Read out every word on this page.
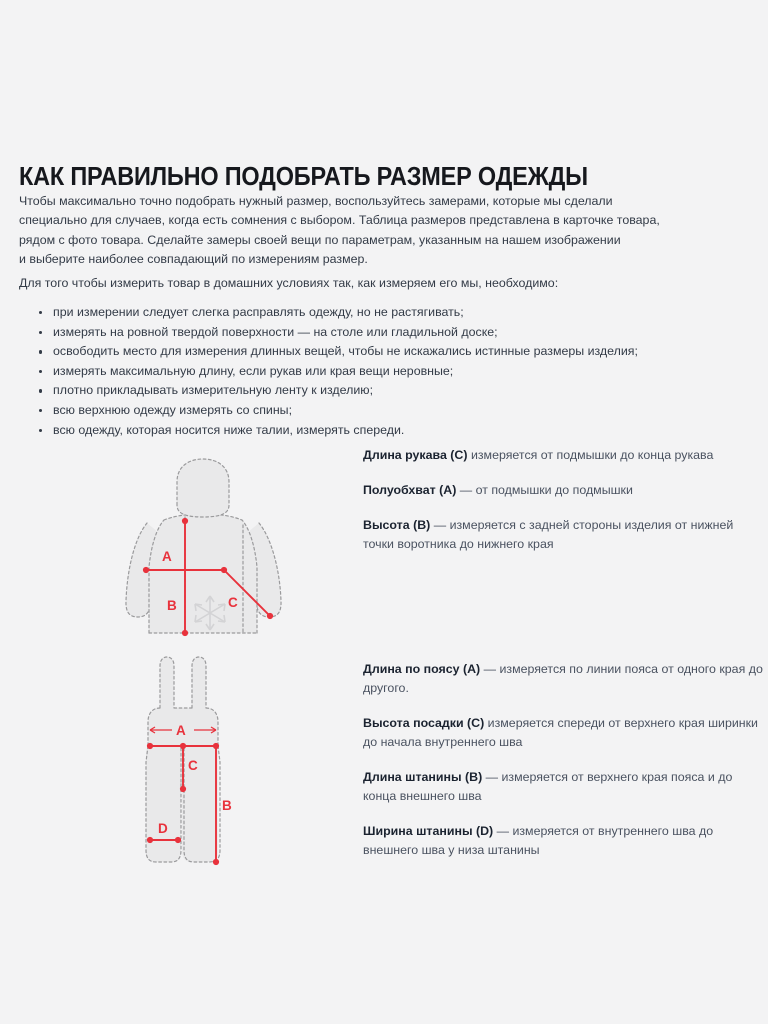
КАК ПРАВИЛЬНО ПОДОБРАТЬ РАЗМЕР ОДЕЖДЫ
Чтобы максимально точно подобрать нужный размер, воспользуйтесь замерами, которые мы сделали
специально для случаев, когда есть сомнения с выбором. Таблица размеров представлена в карточке товара,
рядом с фото товара. Сделайте замеры своей вещи по параметрам, указанным на нашем изображении
и выберите наиболее совпадающий по измерениям размер.
Для того чтобы измерить товар в домашних условиях так, как измеряем его мы, необходимо:
при измерении следует слегка расправлять одежду, но не растягивать;
измерять на ровной твердой поверхности — на столе или гладильной доске;
освободить место для измерения длинных вещей, чтобы не искажались истинные размеры изделия;
измерять максимальную длину, если рукав или края вещи неровные;
плотно прикладывать измерительную ленту к изделию;
всю верхнюю одежду измерять со спины;
всю одежду, которая носится ниже талии, измерять спереди.
A
B	C
A
C
B
D
Длина рукава (С) измеряется от подмышки до конца рукава
Полуобхват (А) — от подмышки до подмышки
Высота (В) — измеряется с задней стороны изделия от нижней точки воротника до нижнего края
Длина по поясу (А) — измеряется по линии пояса от одного края до другого.
Высота посадки (С) измеряется спереди от верхнего края ширинки до начала внутреннего шва
Длина штанины (В) — измеряется от верхнего края пояса и до конца внешнего шва
Ширина штанины (D) — измеряется от внутреннего шва до внешнего шва у низа штанины
